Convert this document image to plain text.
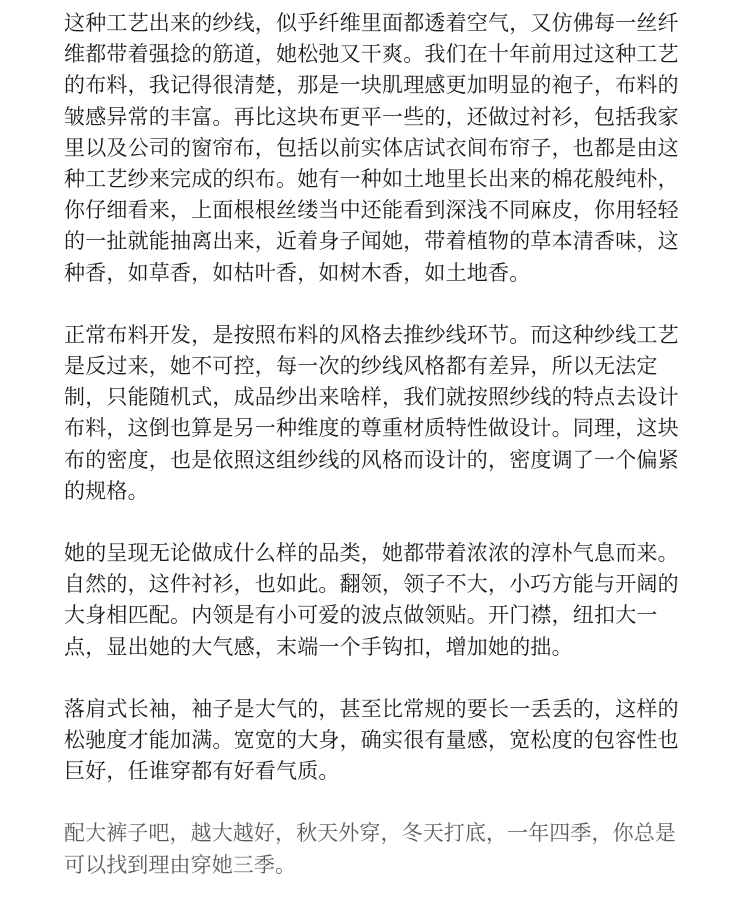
这种工艺出来的纱线，似乎纤维里面都透着空气，又仿佛每一丝纤维都带着强捻的筋道，她松弛又干爽。我们在十年前用过这种工艺的布料，我记得很清楚，那是一块肌理感更加明显的袍子，布料的皱感异常的丰富。再比这块布更平一些的，还做过衬衫，包括我家里以及公司的窗帘布，包括以前实体店试衣间布帘子，也都是由这种工艺纱来完成的织布。她有一种如土地里长出来的棉花般纯朴，你仔细看来，上面根根丝缕当中还能看到深浅不同麻皮，你用轻轻的一扯就能抽离出来，近着身子闻她，带着植物的草本清香味，这种香，如草香，如枯叶香，如树木香，如土地香。

正常布料开发，是按照布料的风格去推纱线环节。而这种纱线工艺是反过来，她不可控，每一次的纱线风格都有差异，所以无法定制，只能随机式，成品纱出来啥样，我们就按照纱线的特点去设计布料，这倒也算是另一种维度的尊重材质特性做设计。同理，这块布的密度，也是依照这组纱线的风格而设计的，密度调了一个偏紧的规格。

她的呈现无论做成什么样的品类，她都带着浓浓的淳朴气息而来。自然的，这件衬衫，也如此。翻领，领子不大，小巧方能与开阔的大身相匹配。内领是有小可爱的波点做领贴。开门襟，纽扣大一点，显出她的大气感，末端一个手钩扣，增加她的拙。

落肩式长袖，袖子是大气的，甚至比常规的要长一丢丢的，这样的松驰度才能加满。宽宽的大身，确实很有量感，宽松度的包容性也巨好，任谁穿都有好看气质。

配大裤子吧，越大越好，秋天外穿，冬天打底，一年四季，你总是可以找到理由穿她三季。
